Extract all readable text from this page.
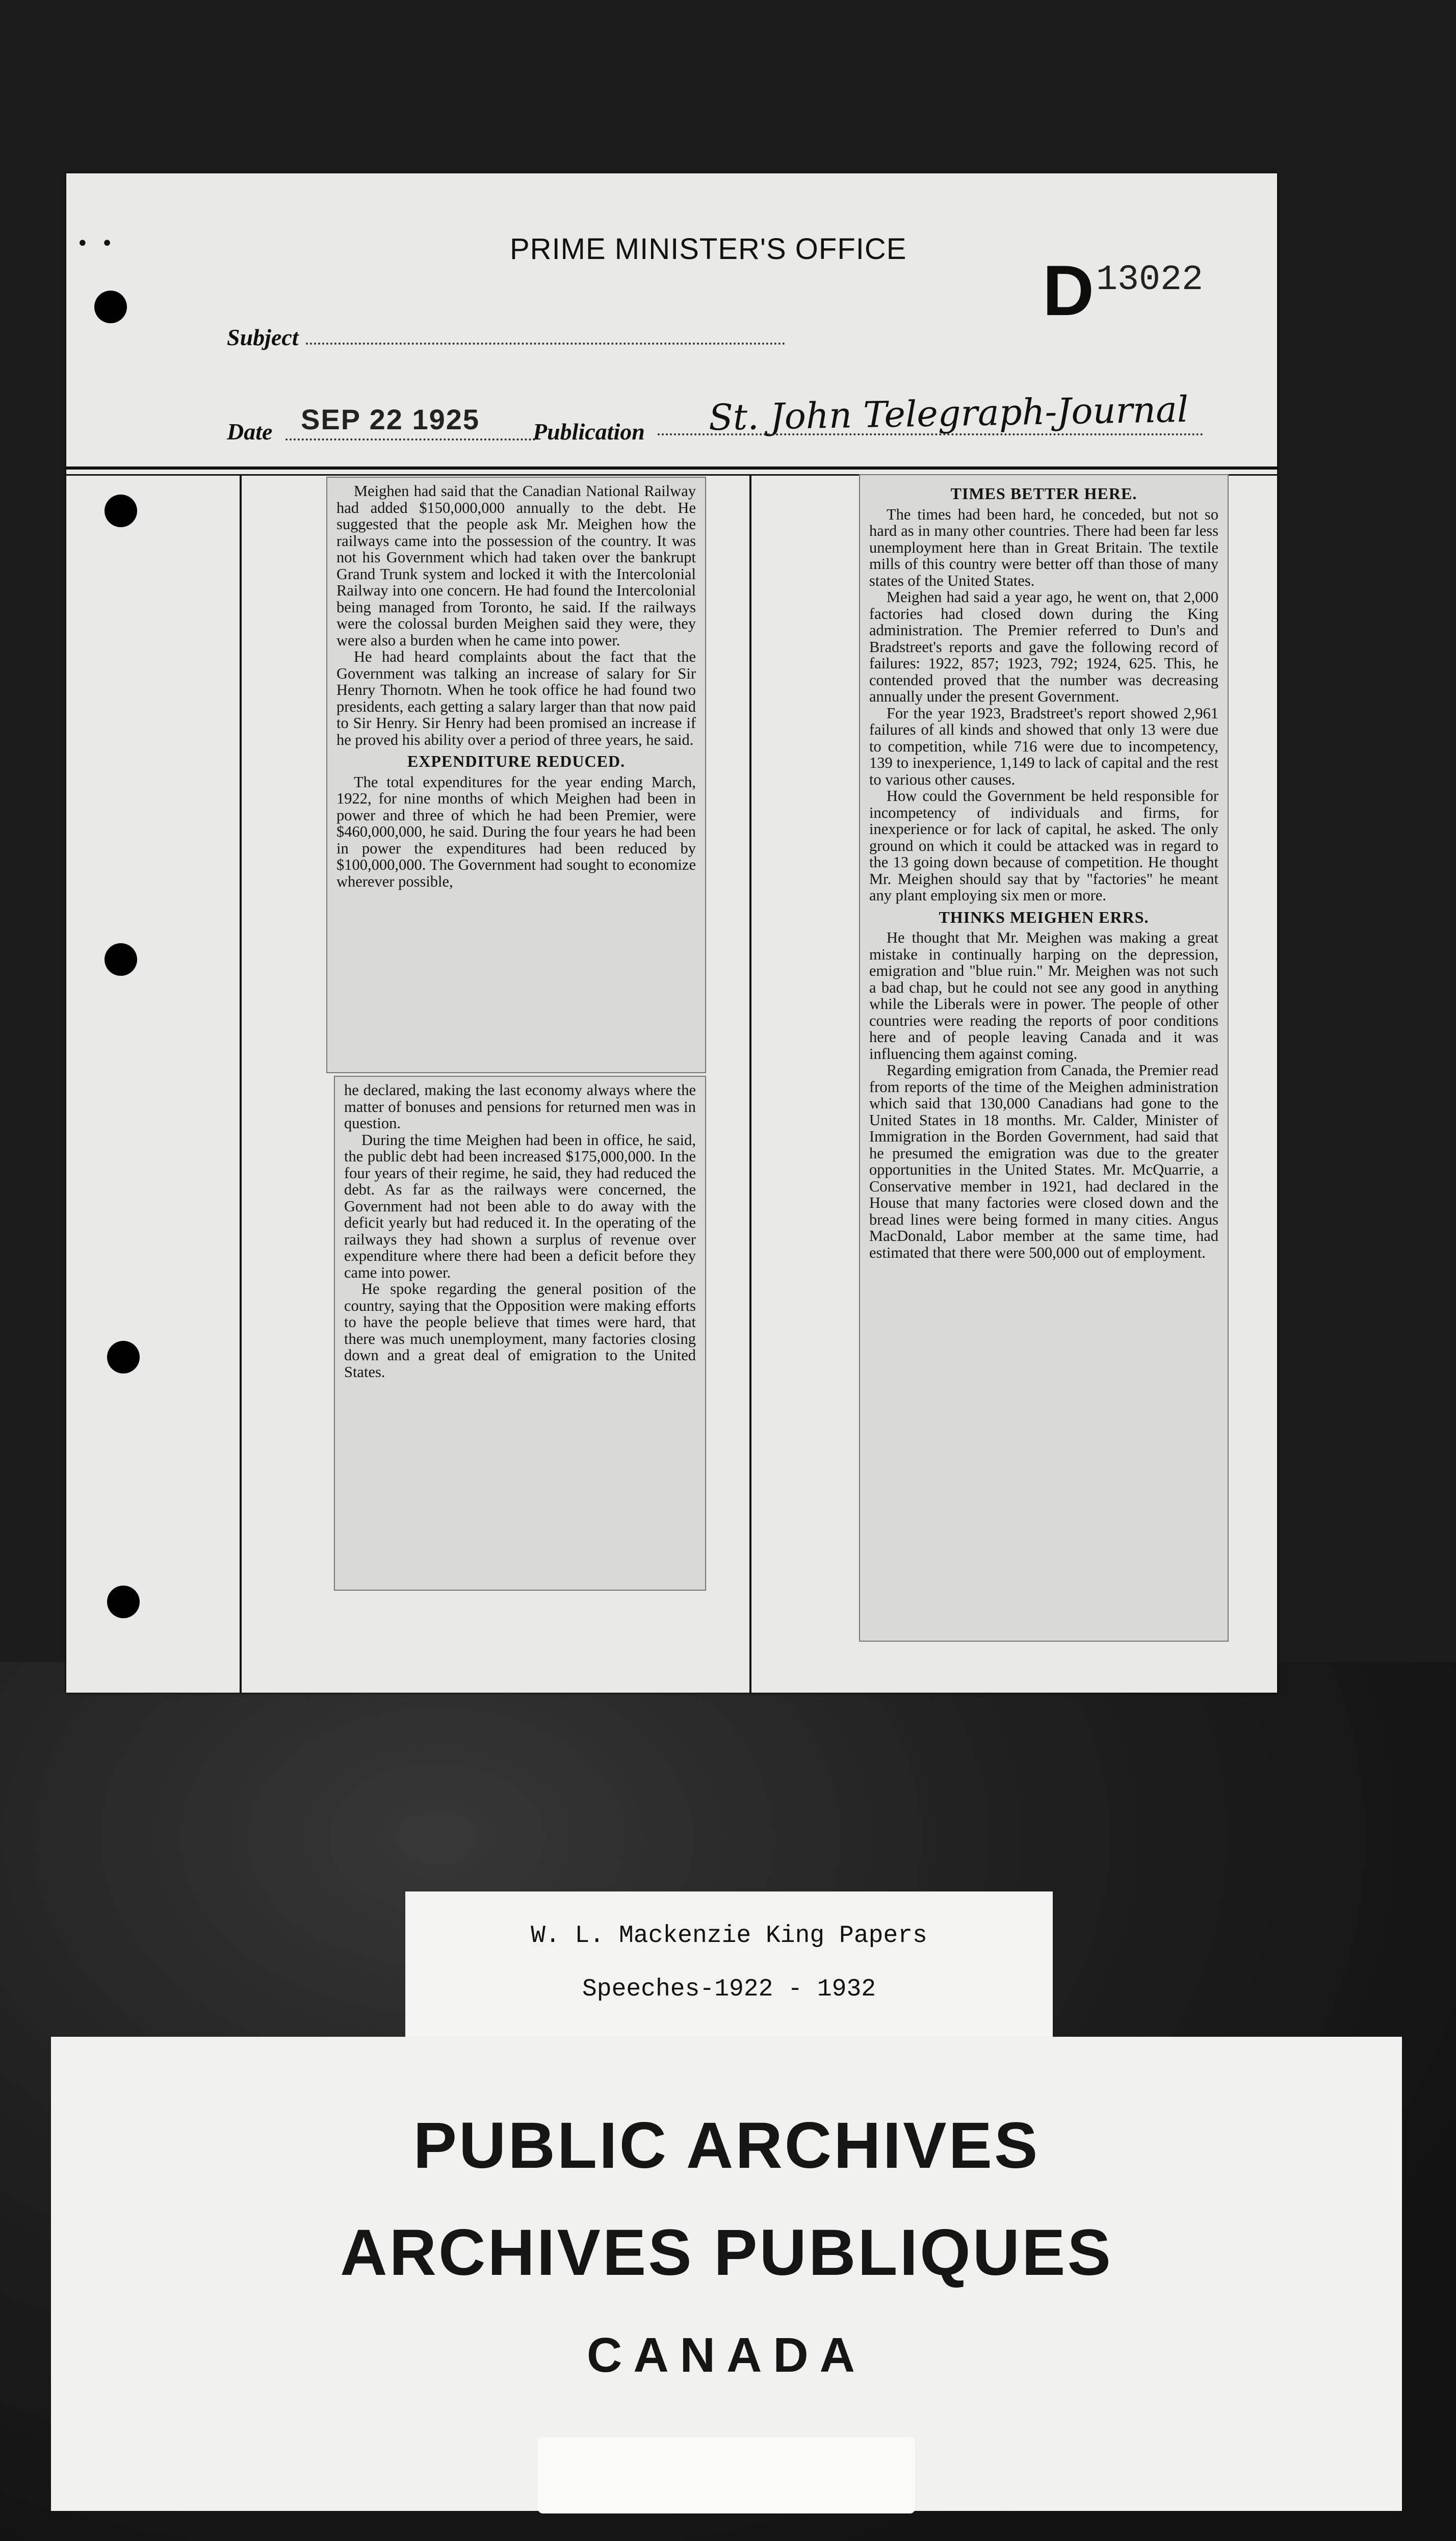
• •	PRIME MINISTER'S OFFICE
D 13022
Subject
Date SEP 22 1925 Publication St. John Telegraph-Journal

Meighen had said that the Canadian National Railway had added $150,000,000 annually to the debt. He suggested that the people ask Mr. Meighen how the railways came into the possession of the country. It was not his Government which had taken over the bankrupt Grand Trunk system and locked it with the Intercolonial Railway into one concern. He had found the Intercolonial being managed from Toronto, he said. If the railways were the colossal burden Meighen said they were, they were also a burden when he came into power.

He had heard complaints about the fact that the Government was talking an increase of salary for Sir Henry Thornotn. When he took office he had found two presidents, each getting a salary larger than that now paid to Sir Henry. Sir Henry had been promised an increase if he proved his ability over a period of three years, he said.

EXPENDITURE REDUCED.

The total expenditures for the year ending March, 1922, for nine months of which Meighen had been in power and three of which he had been Premier, were $460,000,000, he said. During the four years he had been in power the expenditures had been reduced by $100,000,000. The Government had sought to economize wherever possible,

he declared, making the last economy always where the matter of bonuses and pensions for returned men was in question.

During the time Meighen had been in office, he said, the public debt had been increased $175,000,000. In the four years of their regime, he said, they had reduced the debt. As far as the railways were concerned, the Government had not been able to do away with the deficit yearly but had reduced it. In the operating of the railways they had shown a surplus of revenue over expenditure where there had been a deficit before they came into power.

He spoke regarding the general position of the country, saying that the Opposition were making efforts to have the people believe that times were hard, that there was much unemployment, many factories closing down and a great deal of emigration to the United States.

TIMES BETTER HERE.

The times had been hard, he conceded, but not so hard as in many other countries. There had been far less unemployment here than in Great Britain. The textile mills of this country were better off than those of many states of the United States.

Meighen had said a year ago, he went on, that 2,000 factories had closed down during the King administration. The Premier referred to Dun's and Bradstreet's reports and gave the following record of failures: 1922, 857; 1923, 792; 1924, 625. This, he contended proved that the number was decreasing annually under the present Government.

For the year 1923, Bradstreet's report showed 2,961 failures of all kinds and showed that only 13 were due to competition, while 716 were due to incompetency, 139 to inexperience, 1,149 to lack of capital and the rest to various other causes.

How could the Government be held responsible for incompetency of individuals and firms, for inexperience or for lack of capital, he asked. The only ground on which it could be attacked was in regard to the 13 going down because of competition. He thought Mr. Meighen should say that by "factories" he meant any plant employing six men or more.

THINKS MEIGHEN ERRS.

He thought that Mr. Meighen was making a great mistake in continually harping on the depression, emigration and "blue ruin." Mr. Meighen was not such a bad chap, but he could not see any good in anything while the Liberals were in power. The people of other countries were reading the reports of poor conditions here and of people leaving Canada and it was influencing them against coming.

Regarding emigration from Canada, the Premier read from reports of the time of the Meighen administration which said that 130,000 Canadians had gone to the United States in 18 months. Mr. Calder, Minister of Immigration in the Borden Government, had said that he presumed the emigration was due to the greater opportunities in the United States. Mr. McQuarrie, a Conservative member in 1921, had declared in the House that many factories were closed down and the bread lines were being formed in many cities. Angus MacDonald, Labor member at the same time, had estimated that there were 500,000 out of employment.

W. L. Mackenzie King Papers
Speeches-1922 - 1932
PUBLIC ARCHIVES
ARCHIVES PUBLIQUES
CANADA
